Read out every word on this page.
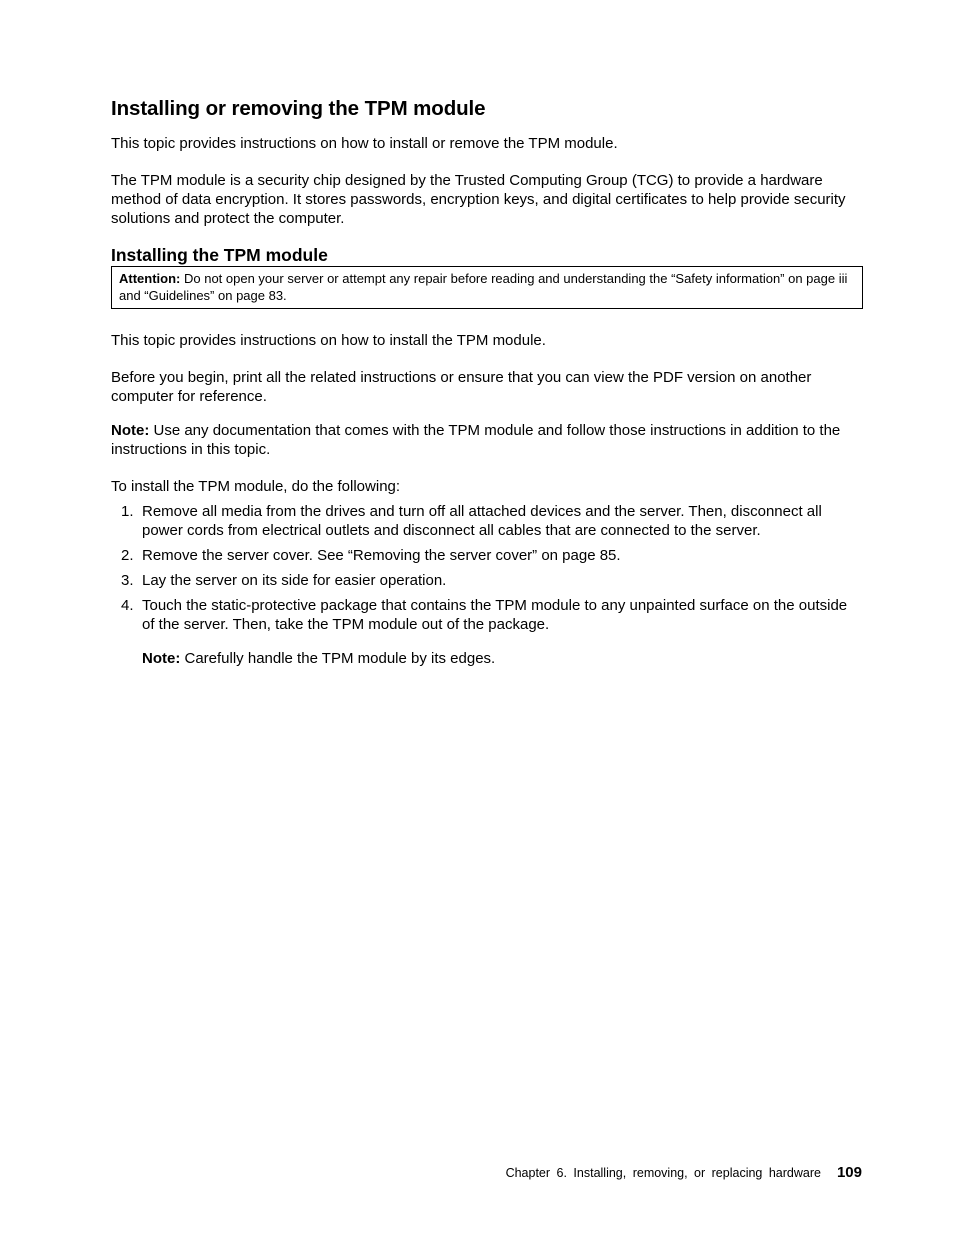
Installing or removing the TPM module

This topic provides instructions on how to install or remove the TPM module.

The TPM module is a security chip designed by the Trusted Computing Group (TCG) to provide a hardware method of data encryption. It stores passwords, encryption keys, and digital certificates to help provide security solutions and protect the computer.

Installing the TPM module
Attention: Do not open your server or attempt any repair before reading and understanding the “Safety information” on page iii and “Guidelines” on page 83.

This topic provides instructions on how to install the TPM module.

Before you begin, print all the related instructions or ensure that you can view the PDF version on another computer for reference.

Note: Use any documentation that comes with the TPM module and follow those instructions in addition to the instructions in this topic.

To install the TPM module, do the following:

1. Remove all media from the drives and turn off all attached devices and the server. Then, disconnect all power cords from electrical outlets and disconnect all cables that are connected to the server.
2. Remove the server cover. See “Removing the server cover” on page 85.
3. Lay the server on its side for easier operation.
4. Touch the static-protective package that contains the TPM module to any unpainted surface on the outside of the server. Then, take the TPM module out of the package.
Note: Carefully handle the TPM module by its edges.
Chapter 6. Installing, removing, or replacing hardware 109
